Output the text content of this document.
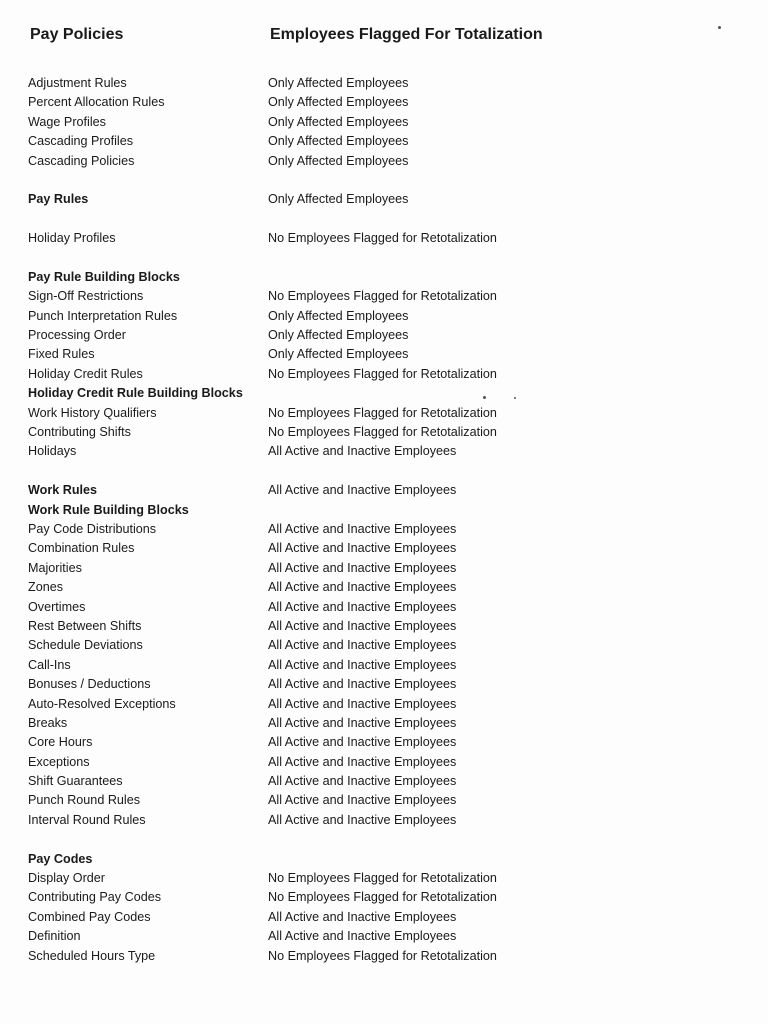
Pay Policies	Employees Flagged For Totalization
Adjustment Rules	Only Affected Employees
Percent Allocation Rules	Only Affected Employees
Wage Profiles	Only Affected Employees
Cascading Profiles	Only Affected Employees
Cascading Policies	Only Affected Employees
Pay Rules	Only Affected Employees
Holiday Profiles	No Employees Flagged for Retotalization
Pay Rule Building Blocks
Sign-Off Restrictions	No Employees Flagged for Retotalization
Punch Interpretation Rules	Only Affected Employees
Processing Order	Only Affected Employees
Fixed Rules	Only Affected Employees
Holiday Credit Rules	No Employees Flagged for Retotalization
Holiday Credit Rule Building Blocks
Work History Qualifiers	No Employees Flagged for Retotalization
Contributing Shifts	No Employees Flagged for Retotalization
Holidays	All Active and Inactive Employees
Work Rules	All Active and Inactive Employees
Work Rule Building Blocks
Pay Code Distributions	All Active and Inactive Employees
Combination Rules	All Active and Inactive Employees
Majorities	All Active and Inactive Employees
Zones	All Active and Inactive Employees
Overtimes	All Active and Inactive Employees
Rest Between Shifts	All Active and Inactive Employees
Schedule Deviations	All Active and Inactive Employees
Call-Ins	All Active and Inactive Employees
Bonuses / Deductions	All Active and Inactive Employees
Auto-Resolved Exceptions	All Active and Inactive Employees
Breaks	All Active and Inactive Employees
Core Hours	All Active and Inactive Employees
Exceptions	All Active and Inactive Employees
Shift Guarantees	All Active and Inactive Employees
Punch Round Rules	All Active and Inactive Employees
Interval Round Rules	All Active and Inactive Employees
Pay Codes
Display Order	No Employees Flagged for Retotalization
Contributing Pay Codes	No Employees Flagged for Retotalization
Combined Pay Codes	All Active and Inactive Employees
Definition	All Active and Inactive Employees
Scheduled Hours Type	No Employees Flagged for Retotalization
